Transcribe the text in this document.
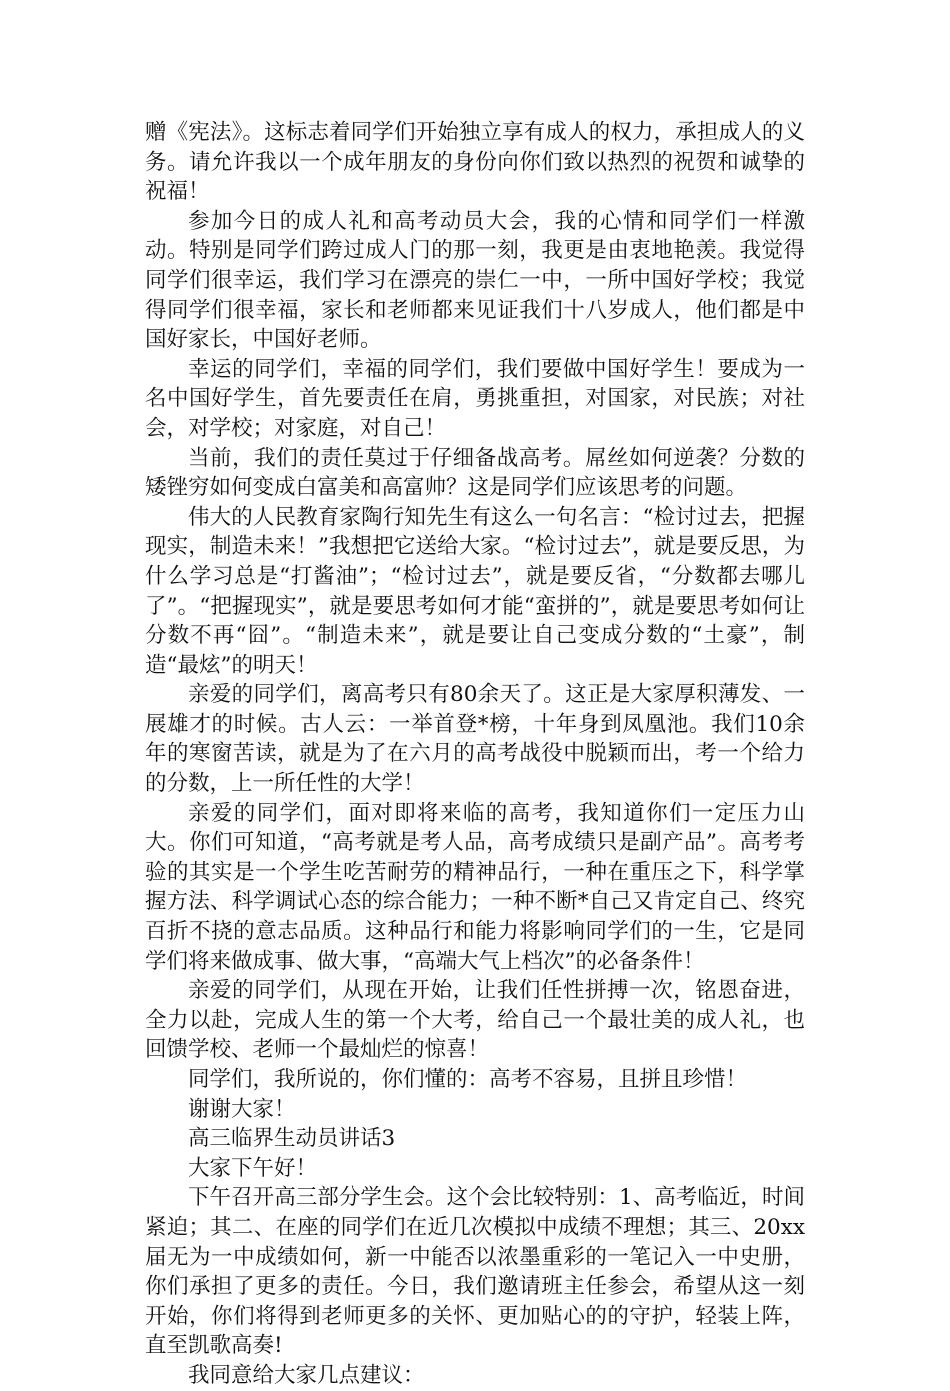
赠《宪法》。这标志着同学们开始独立享有成人的权力，承担成人的义务。请允许我以一个成年朋友的身份向你们致以热烈的祝贺和诚挚的祝福！

参加今日的成人礼和高考动员大会，我的心情和同学们一样激动。特别是同学们跨过成人门的那一刻，我更是由衷地艳羡。我觉得同学们很幸运，我们学习在漂亮的崇仁一中，一所中国好学校；我觉得同学们很幸福，家长和老师都来见证我们十八岁成人，他们都是中国好家长，中国好老师。

幸运的同学们，幸福的同学们，我们要做中国好学生！要成为一名中国好学生，首先要责任在肩，勇挑重担，对国家，对民族；对社会，对学校；对家庭，对自己！

当前，我们的责任莫过于仔细备战高考。屌丝如何逆袭？分数的矮锉穷如何变成白富美和高富帅？这是同学们应该思考的问题。

伟大的人民教育家陶行知先生有这么一句名言：“检讨过去，把握现实，制造未来！”我想把它送给大家。“检讨过去”，就是要反思，为什么学习总是“打酱油”；“检讨过去”，就是要反省，“分数都去哪儿了”。“把握现实”，就是要思考如何才能“蛮拼的”，就是要思考如何让分数不再“囧”。“制造未来”，就是要让自己变成分数的“土豪”，制造“最炫”的明天！

亲爱的同学们，离高考只有80余天了。这正是大家厚积薄发、一展雄才的时候。古人云：一举首登*榜，十年身到凤凰池。我们10余年的寒窗苦读，就是为了在六月的高考战役中脱颖而出，考一个给力的分数，上一所任性的大学！

亲爱的同学们，面对即将来临的高考，我知道你们一定压力山大。你们可知道，“高考就是考人品，高考成绩只是副产品”。高考考验的其实是一个学生吃苦耐劳的精神品行，一种在重压之下，科学掌握方法、科学调试心态的综合能力；一种不断*自己又肯定自己、终究百折不挠的意志品质。这种品行和能力将影响同学们的一生，它是同学们将来做成事、做大事，“高端大气上档次”的必备条件！

亲爱的同学们，从现在开始，让我们任性拼搏一次，铭恩奋进，全力以赴，完成人生的第一个大考，给自己一个最壮美的成人礼，也回馈学校、老师一个最灿烂的惊喜！

同学们，我所说的，你们懂的：高考不容易，且拼且珍惜！

谢谢大家！

高三临界生动员讲话3

大家下午好！

下午召开高三部分学生会。这个会比较特别：1、高考临近，时间紧迫；其二、在座的同学们在近几次模拟中成绩不理想；其三、20xx届无为一中成绩如何，新一中能否以浓墨重彩的一笔记入一中史册，你们承担了更多的责任。今日，我们邀请班主任参会，希望从这一刻开始，你们将得到老师更多的关怀、更加贴心的的守护，轻装上阵，直至凯歌高奏!

我同意给大家几点建议：
